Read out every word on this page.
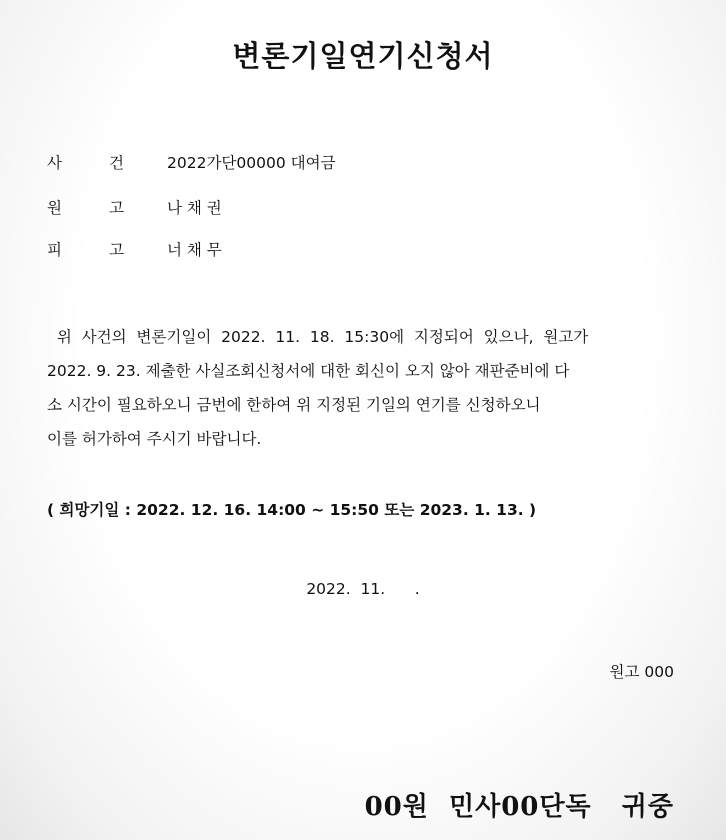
변론기일연기신청서
사	건	2022가단00000 대여금
원	고	나 채 권
피	고	너 채 무
위  사건의  변론기일이  2022.  11.  18.  15:30에  지정되어  있으나,  원고가
2022. 9. 23. 제출한 사실조회신청서에 대한 회신이 오지 않아 재판준비에 다
소 시간이 필요하오니 금번에 한하여 위 지정된 기일의 연기를 신청하오니
이를 허가하여 주시기 바랍니다.
( 희망기일 : 2022. 12. 16. 14:00 ~ 15:50 또는 2023. 1. 13. )
2022.  11.      .
원고 000
00원  민사00단독   귀중
